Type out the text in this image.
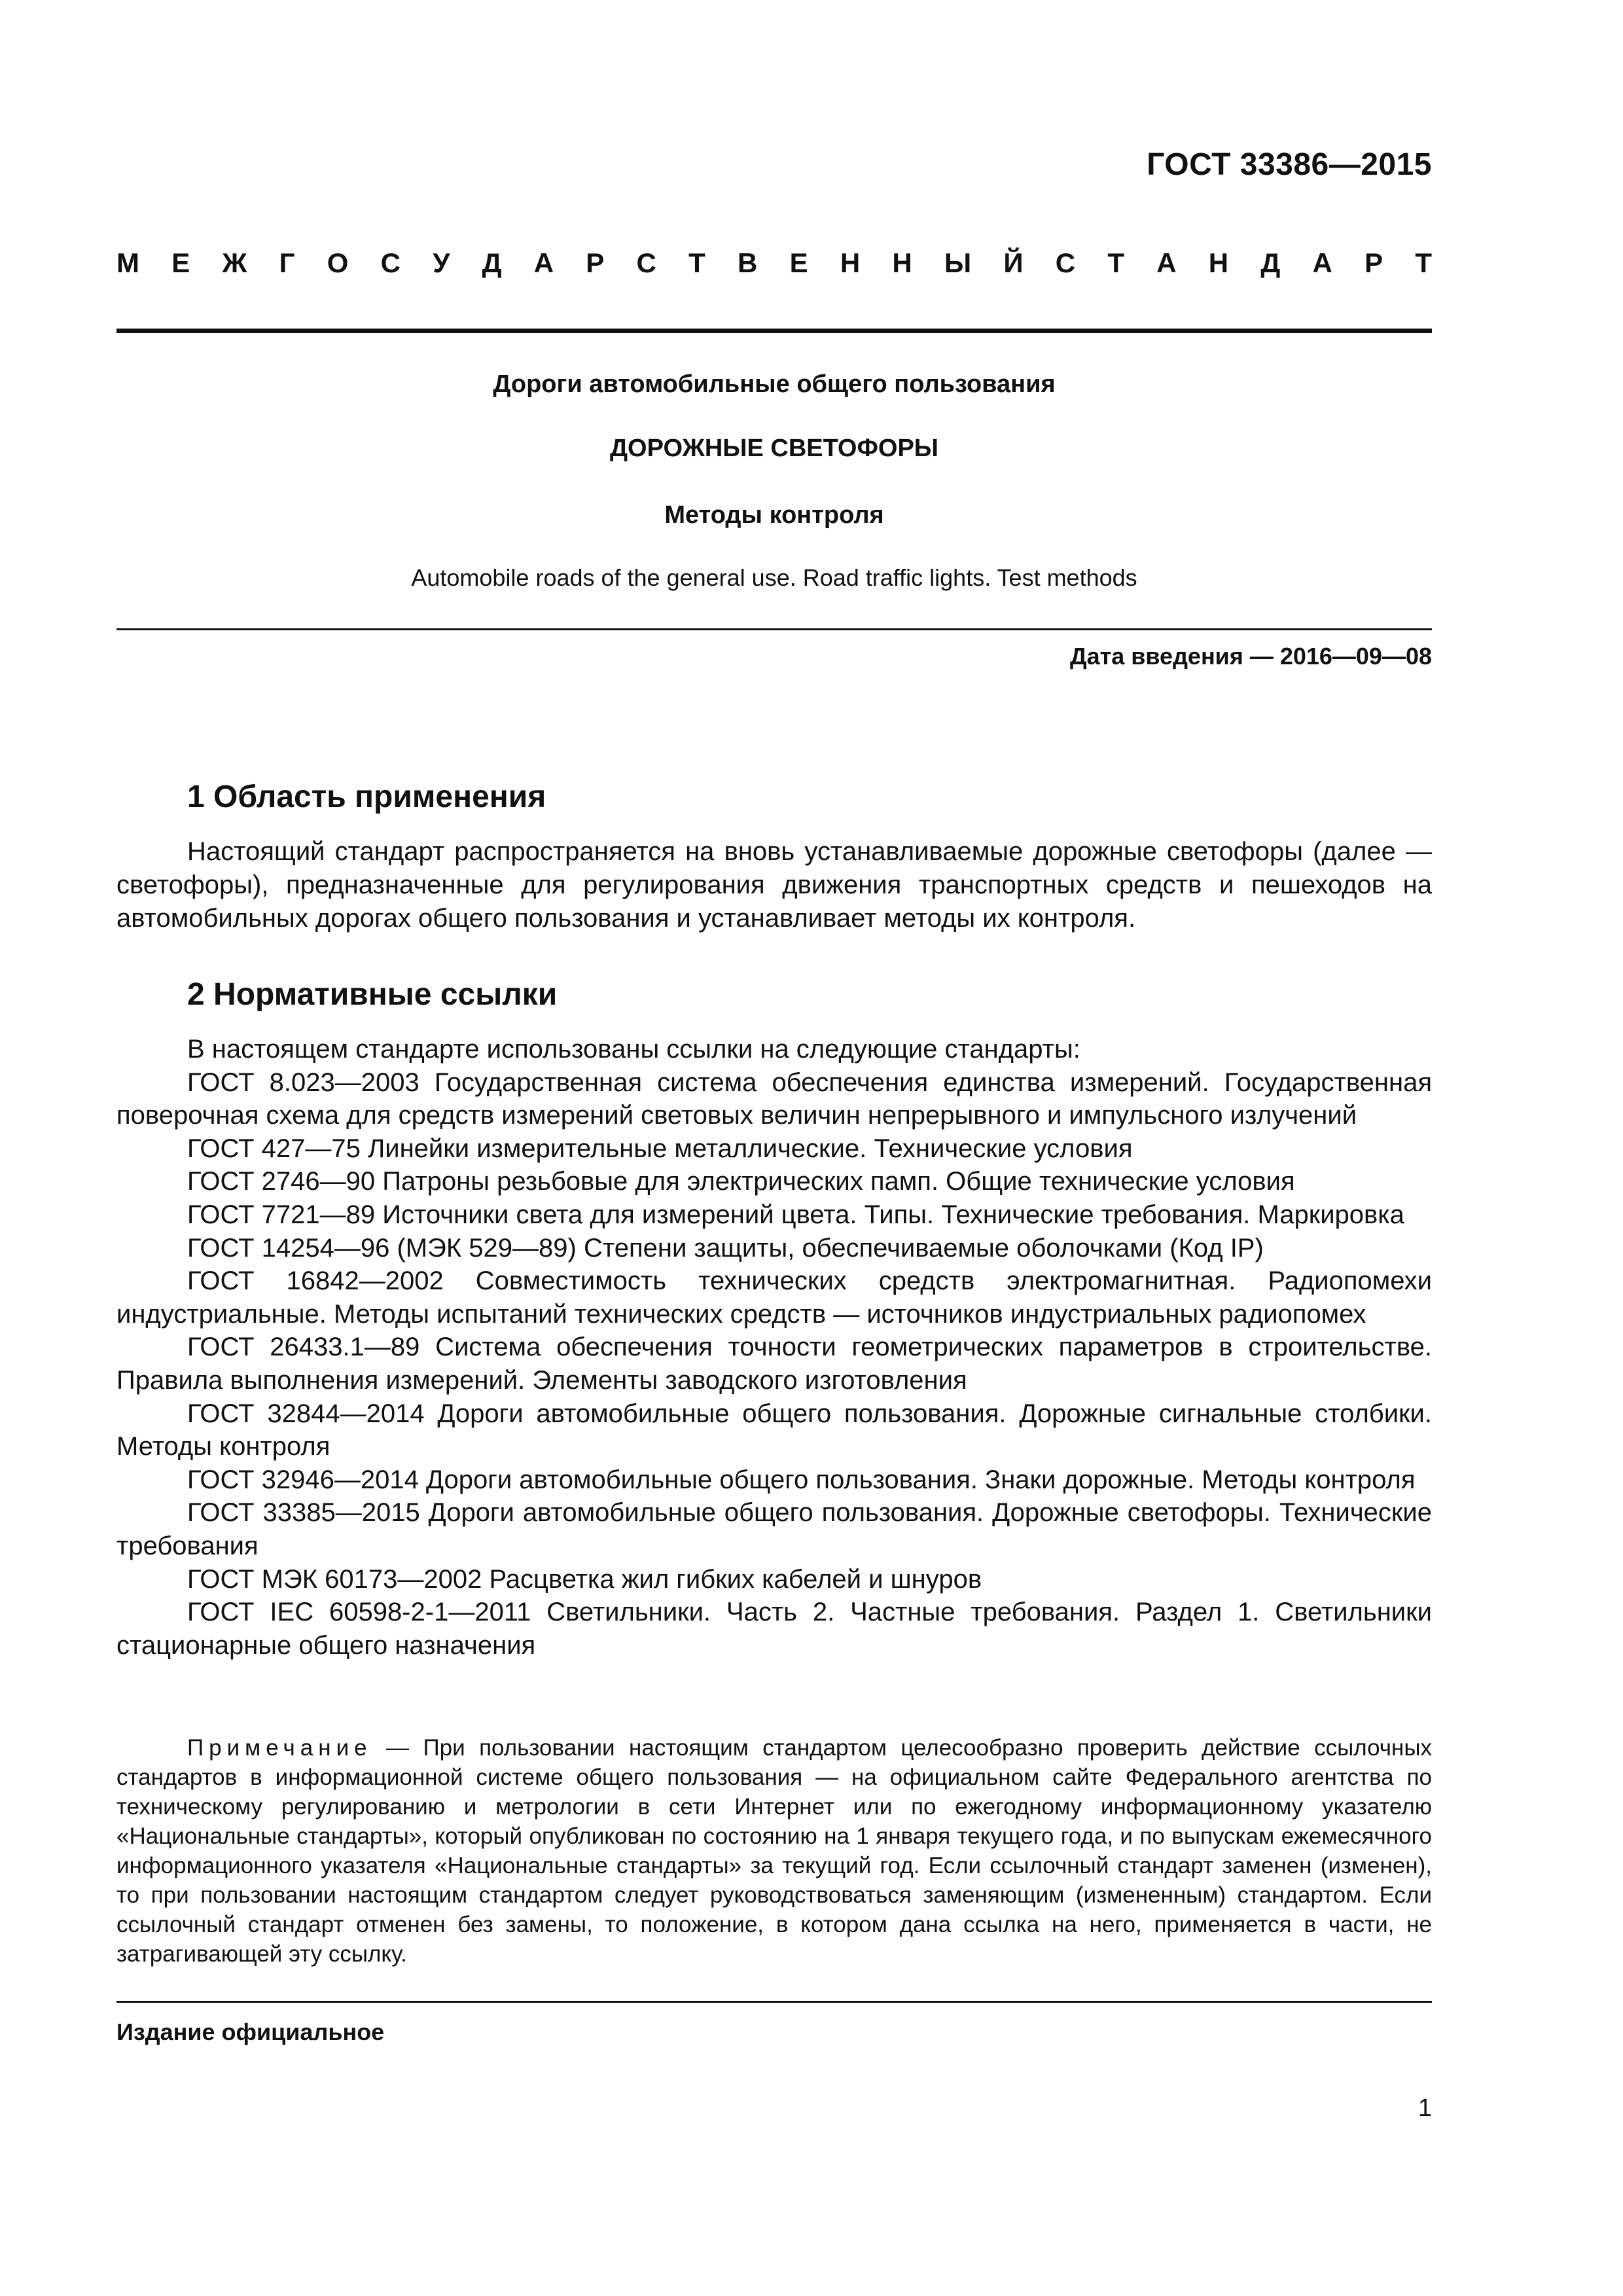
ГОСТ 33386—2015
М Е Ж Г О С У Д А Р С Т В Е Н Н Ы Й С Т А Н Д А Р Т
Дороги автомобильные общего пользования
ДОРОЖНЫЕ СВЕТОФОРЫ
Методы контроля
Automobile roads of the general use. Road traffic lights. Test methods
Дата введения — 2016—09—08
1 Область применения
Настоящий стандарт распространяется на вновь устанавливаемые дорожные светофоры (далее — светофоры), предназначенные для регулирования движения транспортных средств и пешеходов на автомобильных дорогах общего пользования и устанавливает методы их контроля.
2 Нормативные ссылки

В настоящем стандарте использованы ссылки на следующие стандарты:

ГОСТ 8.023—2003 Государственная система обеспечения единства измерений. Государственная поверочная схема для средств измерений световых величин непрерывного и импульсного излучений

ГОСТ 427—75 Линейки измерительные металлические. Технические условия

ГОСТ 2746—90 Патроны резьбовые для электрических памп. Общие технические условия

ГОСТ 7721—89 Источники света для измерений цвета. Типы. Технические требования. Маркировка

ГОСТ 14254—96 (МЭК 529—89) Степени защиты, обеспечиваемые оболочками (Код IP)

ГОСТ 16842—2002 Совместимость технических средств электромагнитная. Радиопомехи индустриальные. Методы испытаний технических средств — источников индустриальных радиопомех

ГОСТ 26433.1—89 Система обеспечения точности геометрических параметров в строительстве. Правила выполнения измерений. Элементы заводского изготовления

ГОСТ 32844—2014 Дороги автомобильные общего пользования. Дорожные сигнальные столбики. Методы контроля

ГОСТ 32946—2014 Дороги автомобильные общего пользования. Знаки дорожные. Методы контроля

ГОСТ 33385—2015 Дороги автомобильные общего пользования. Дорожные светофоры. Технические требования

ГОСТ МЭК 60173—2002 Расцветка жил гибких кабелей и шнуров

ГОСТ IEC 60598-2-1—2011 Светильники. Часть 2. Частные требования. Раздел 1. Светильники стационарные общего назначения

Примечание — При пользовании настоящим стандартом целесообразно проверить действие ссылочных стандартов в информационной системе общего пользования — на официальном сайте Федерального агентства по техническому регулированию и метрологии в сети Интернет или по ежегодному информационному указателю «Национальные стандарты», который опубликован по состоянию на 1 января текущего года, и по выпускам ежемесячного информационного указателя «Национальные стандарты» за текущий год. Если ссылочный стандарт заменен (изменен), то при пользовании настоящим стандартом следует руководствоваться заменяющим (измененным) стандартом. Если ссылочный стандарт отменен без замены, то положение, в котором дана ссылка на него, применяется в части, не затрагивающей эту ссылку.
Издание официальное
1
